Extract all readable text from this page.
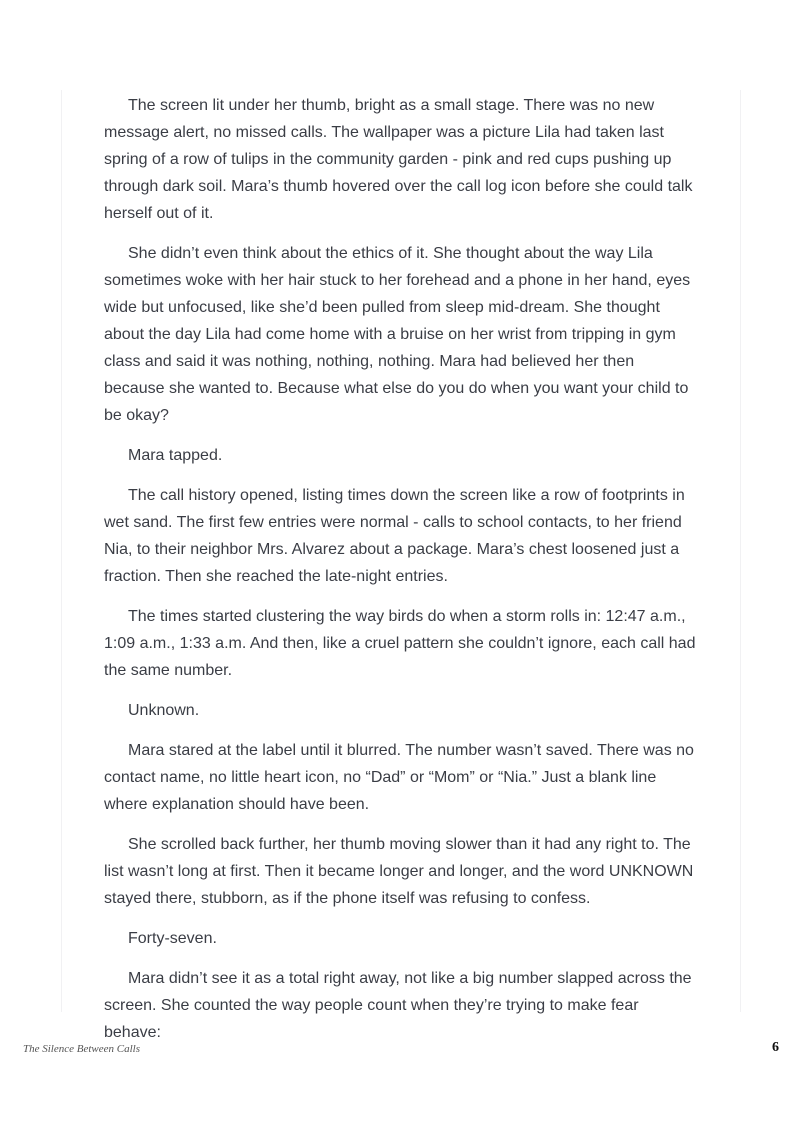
The screen lit under her thumb, bright as a small stage. There was no new message alert, no missed calls. The wallpaper was a picture Lila had taken last spring of a row of tulips in the community garden - pink and red cups pushing up through dark soil. Mara’s thumb hovered over the call log icon before she could talk herself out of it.

She didn’t even think about the ethics of it. She thought about the way Lila sometimes woke with her hair stuck to her forehead and a phone in her hand, eyes wide but unfocused, like she’d been pulled from sleep mid-dream. She thought about the day Lila had come home with a bruise on her wrist from tripping in gym class and said it was nothing, nothing, nothing. Mara had believed her then because she wanted to. Because what else do you do when you want your child to be okay?

Mara tapped.

The call history opened, listing times down the screen like a row of footprints in wet sand. The first few entries were normal - calls to school contacts, to her friend Nia, to their neighbor Mrs. Alvarez about a package. Mara’s chest loosened just a fraction. Then she reached the late-night entries.

The times started clustering the way birds do when a storm rolls in: 12:47 a.m., 1:09 a.m., 1:33 a.m. And then, like a cruel pattern she couldn’t ignore, each call had the same number.

Unknown.

Mara stared at the label until it blurred. The number wasn’t saved. There was no contact name, no little heart icon, no “Dad” or “Mom” or “Nia.” Just a blank line where explanation should have been.

She scrolled back further, her thumb moving slower than it had any right to. The list wasn’t long at first. Then it became longer and longer, and the word UNKNOWN stayed there, stubborn, as if the phone itself was refusing to confess.

Forty-seven.

Mara didn’t see it as a total right away, not like a big number slapped across the screen. She counted the way people count when they’re trying to make fear behave:

The Silence Between Calls	6
